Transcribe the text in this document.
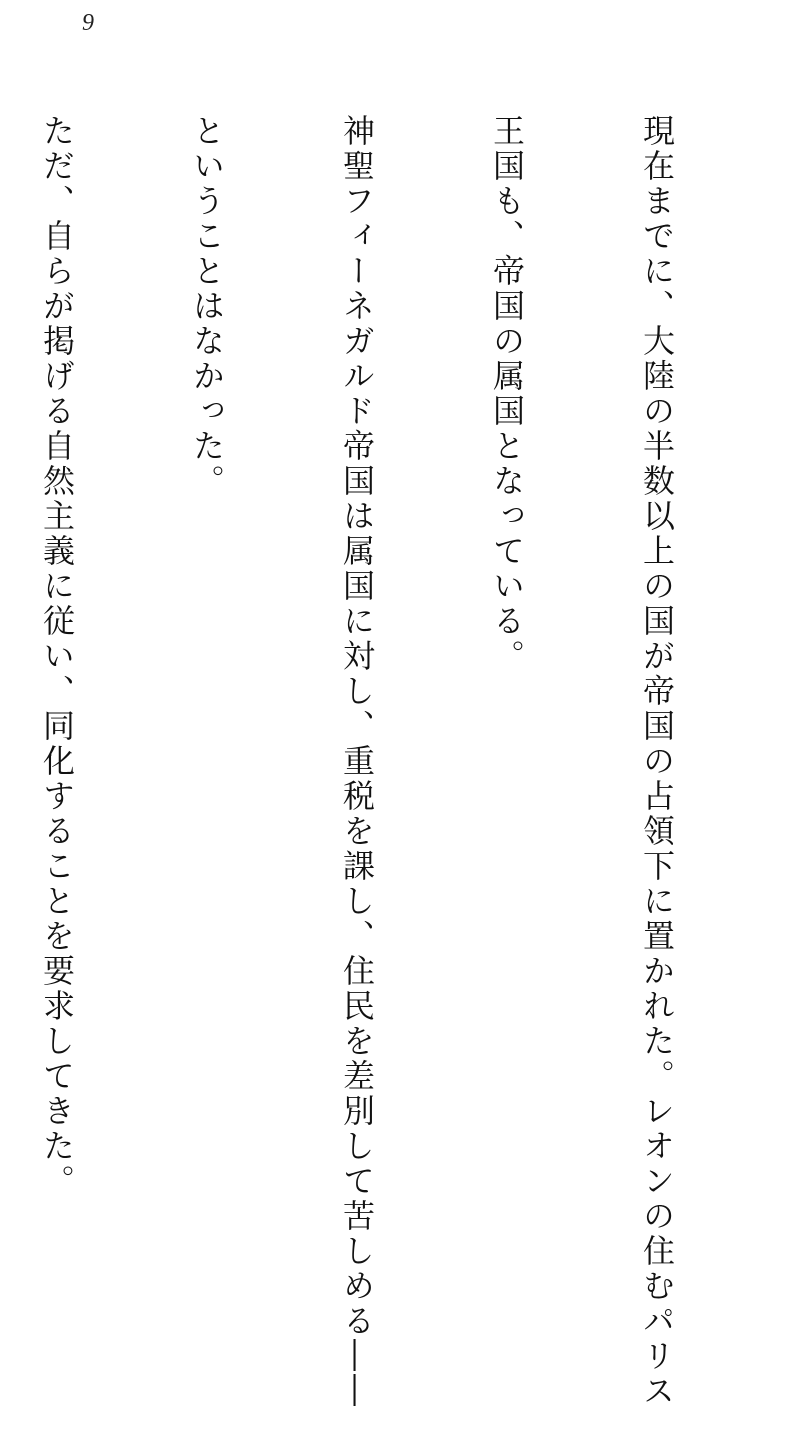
9

現在までに、大陸の半数以上の国が帝国の占領下に置かれた。レオンの住むパリス

王国も、帝国の属国となっている。

神聖フィーネガルド帝国は属国に対し、重税を課し、住民を差別して苦しめる――

ということはなかった。

ただ、自らが掲げる自然主義に従い、同化することを要求してきた。
